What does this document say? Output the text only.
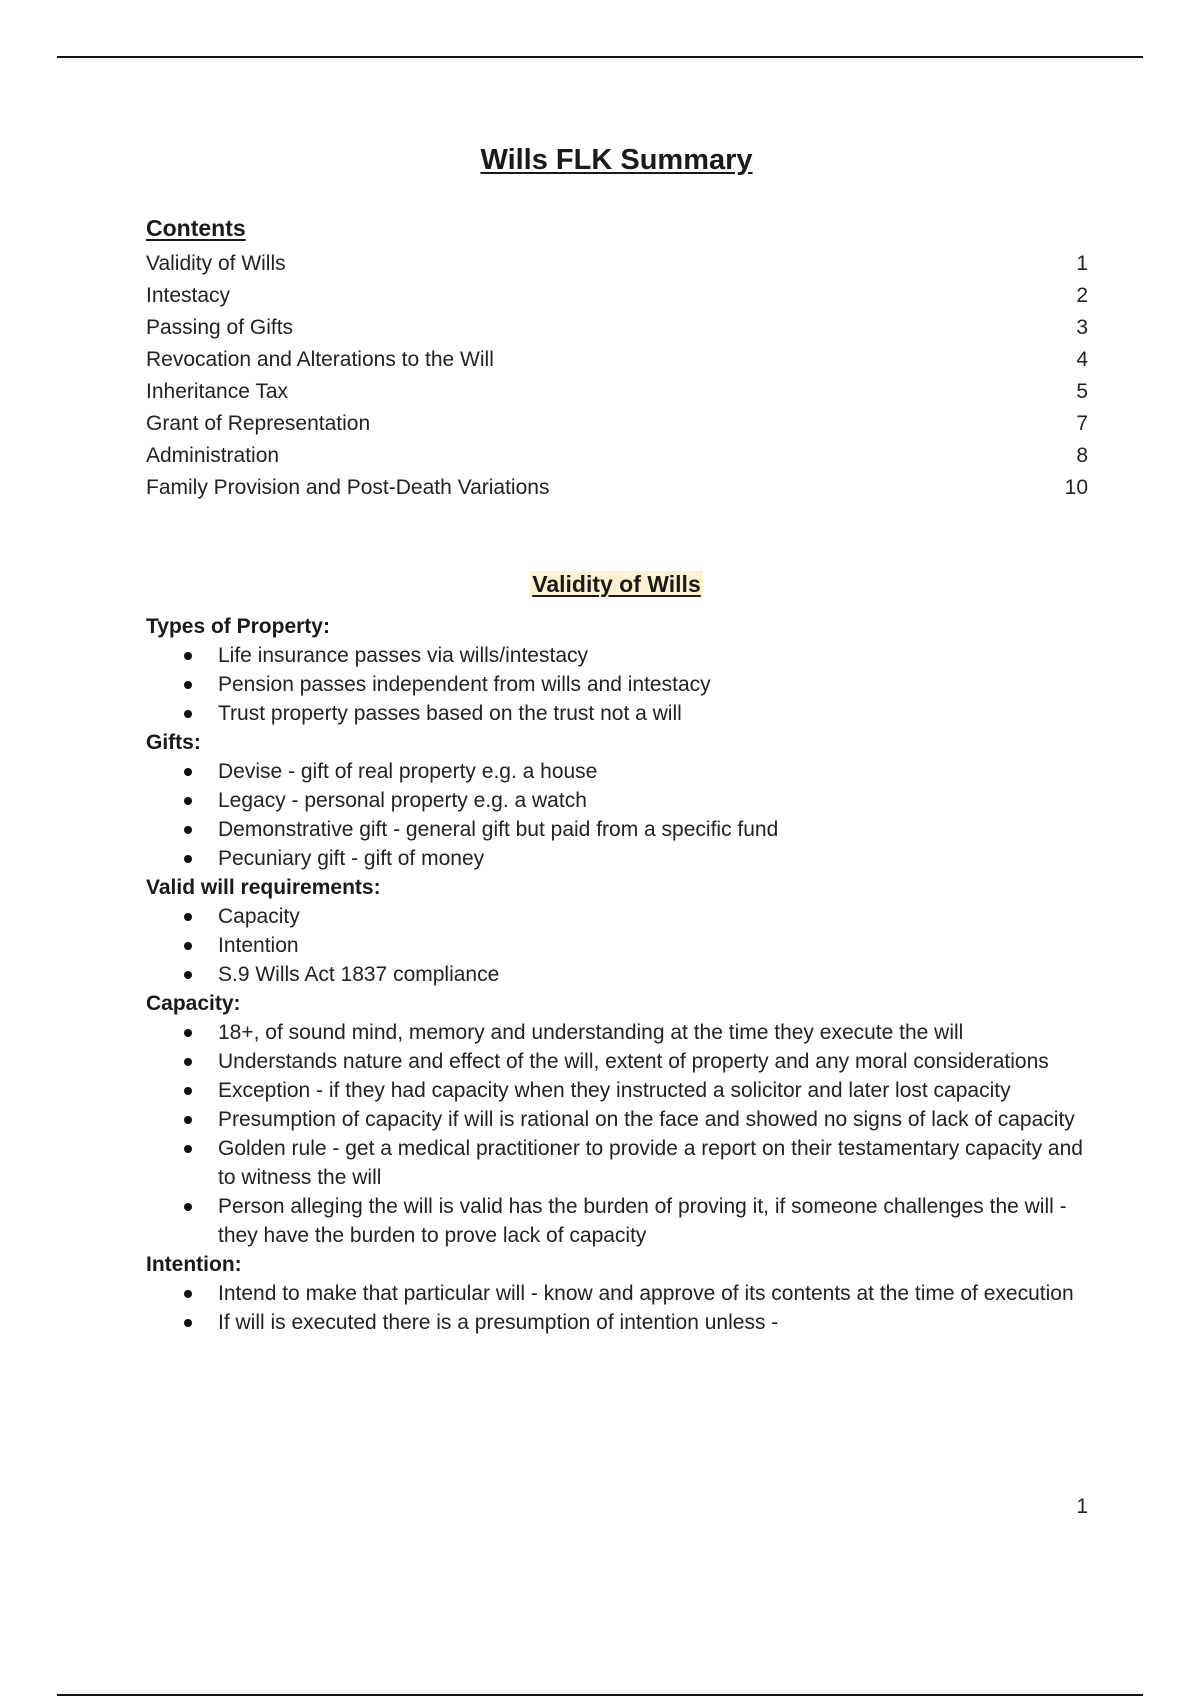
Wills FLK Summary
Contents
Validity of Wills	1
Intestacy	2
Passing of Gifts	3
Revocation and Alterations to the Will	4
Inheritance Tax	5
Grant of Representation	7
Administration	8
Family Provision and Post-Death Variations	10
Validity of Wills

Types of Property:

Life insurance passes via wills/intestacy
Pension passes independent from wills and intestacy
Trust property passes based on the trust not a will

Gifts:

Devise - gift of real property e.g. a house
Legacy - personal property e.g. a watch
Demonstrative gift - general gift but paid from a specific fund
Pecuniary gift - gift of money

Valid will requirements:

Capacity
Intention
S.9 Wills Act 1837 compliance

Capacity:

18+, of sound mind, memory and understanding at the time they execute the will
Understands nature and effect of the will, extent of property and any moral considerations
Exception - if they had capacity when they instructed a solicitor and later lost capacity
Presumption of capacity if will is rational on the face and showed no signs of lack of capacity
Golden rule - get a medical practitioner to provide a report on their testamentary capacity and to witness the will
Person alleging the will is valid has the burden of proving it, if someone challenges the will - they have the burden to prove lack of capacity

Intention:

Intend to make that particular will - know and approve of its contents at the time of execution
If will is executed there is a presumption of intention unless -
1
